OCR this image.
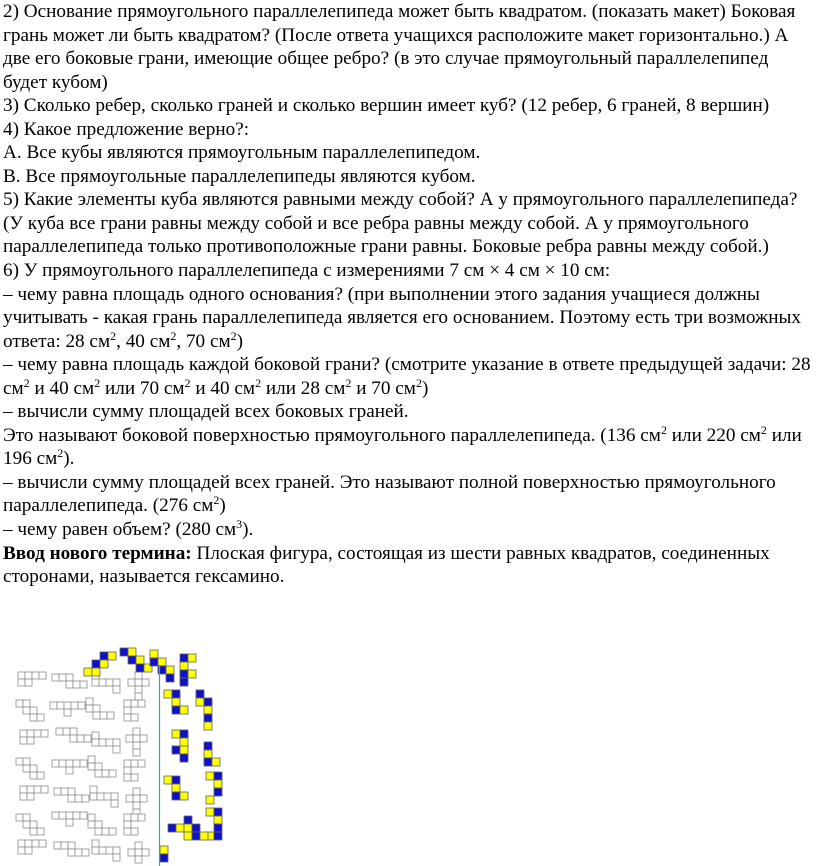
2) Основание прямоугольного параллелепипеда может быть квадратом. (показать макет) Боковая грань может ли быть квадратом? (После ответа учащихся расположите макет горизонтально.) А две его боковые грани, имеющие общее ребро? (в это случае прямоугольный параллелепипед будет кубом)

3) Сколько ребер, сколько граней и сколько вершин имеет куб? (12 ребер, 6 граней, 8 вершин)

4) Какое предложение верно?:

А. Все кубы являются прямоугольным параллелепипедом.

В. Все прямоугольные параллелепипеды являются кубом.

5) Какие элементы куба являются равными между собой? А у прямоугольного параллелепипеда? (У куба все грани равны между собой и все ребра равны между собой. А у прямоугольного параллелепипеда только противоположные грани равны. Боковые ребра равны между собой.)

6) У прямоугольного параллелепипеда с измерениями 7 см × 4 см × 10 см:

– чему равна площадь одного основания? (при выполнении этого задания учащиеся должны учитывать - какая грань параллелепипеда является его основанием. Поэтому есть три возможных ответа: 28 $см^2$, 40 $см^2$, 70 $см^2$)

– чему равна площадь каждой боковой грани? (смотрите указание в ответе предыдущей задачи: 28 $см^2$ и 40 $см^2$ или 70 $см^2$ и 40 $см^2$ или 28 $см^2$ и 70 $см^2$)

– вычисли сумму площадей всех боковых граней.

Это называют боковой поверхностью прямоугольного параллелепипеда. (136 $см^2$ или 220 $см^2$ или 196 $см^2$).

– вычисли сумму площадей всех граней. Это называют полной поверхностью прямоугольного параллелепипеда. (276 $см^2$)

– чему равен объем? (280 $см^3$).

Ввод нового термина: Плоская фигура, состоящая из шести равных квадратов, соединенных сторонами, называется гексамино.
